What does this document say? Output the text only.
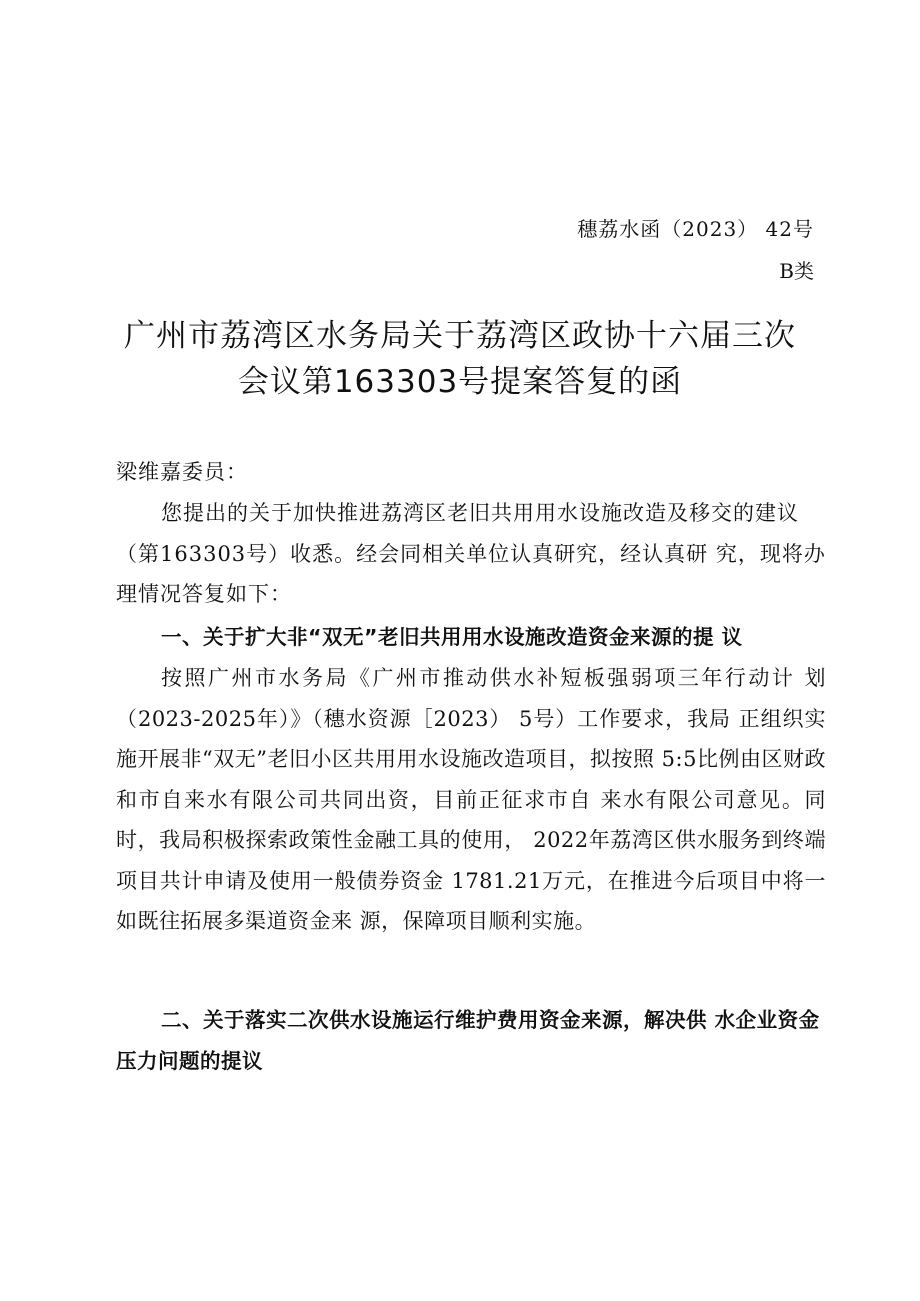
穗荔水函（2023） 42号
B类
广州市荔湾区水务局关于荔湾区政协十六届三次
会议第163303号提案答复的函

梁维嘉委员：

您提出的关于加快推进荔湾区老旧共用用水设施改造及移交的建议（第163303号）收悉。经会同相关单位认真研究，经认真研 究，现将办理情况答复如下：

一、关于扩大非“双无”老旧共用用水设施改造资金来源的提 议

按照广州市水务局《广州市推动供水补短板强弱项三年行动计 划（2023-2025年）》（穗水资源［2023） 5号）工作要求，我局 正组织实施开展非“双无”老旧小区共用用水设施改造项目，拟按照 5:5比例由区财政和市自来水有限公司共同出资，目前正征求市自 来水有限公司意见。同时，我局积极探索政策性金融工具的使用， 2022年荔湾区供水服务到终端项目共计申请及使用一般债券资金 1781.21万元，在推进今后项目中将一如既往拓展多渠道资金来 源，保障项目顺利实施。

二、关于落实二次供水设施运行维护费用资金来源，解决供 水企业资金压力问题的提议
